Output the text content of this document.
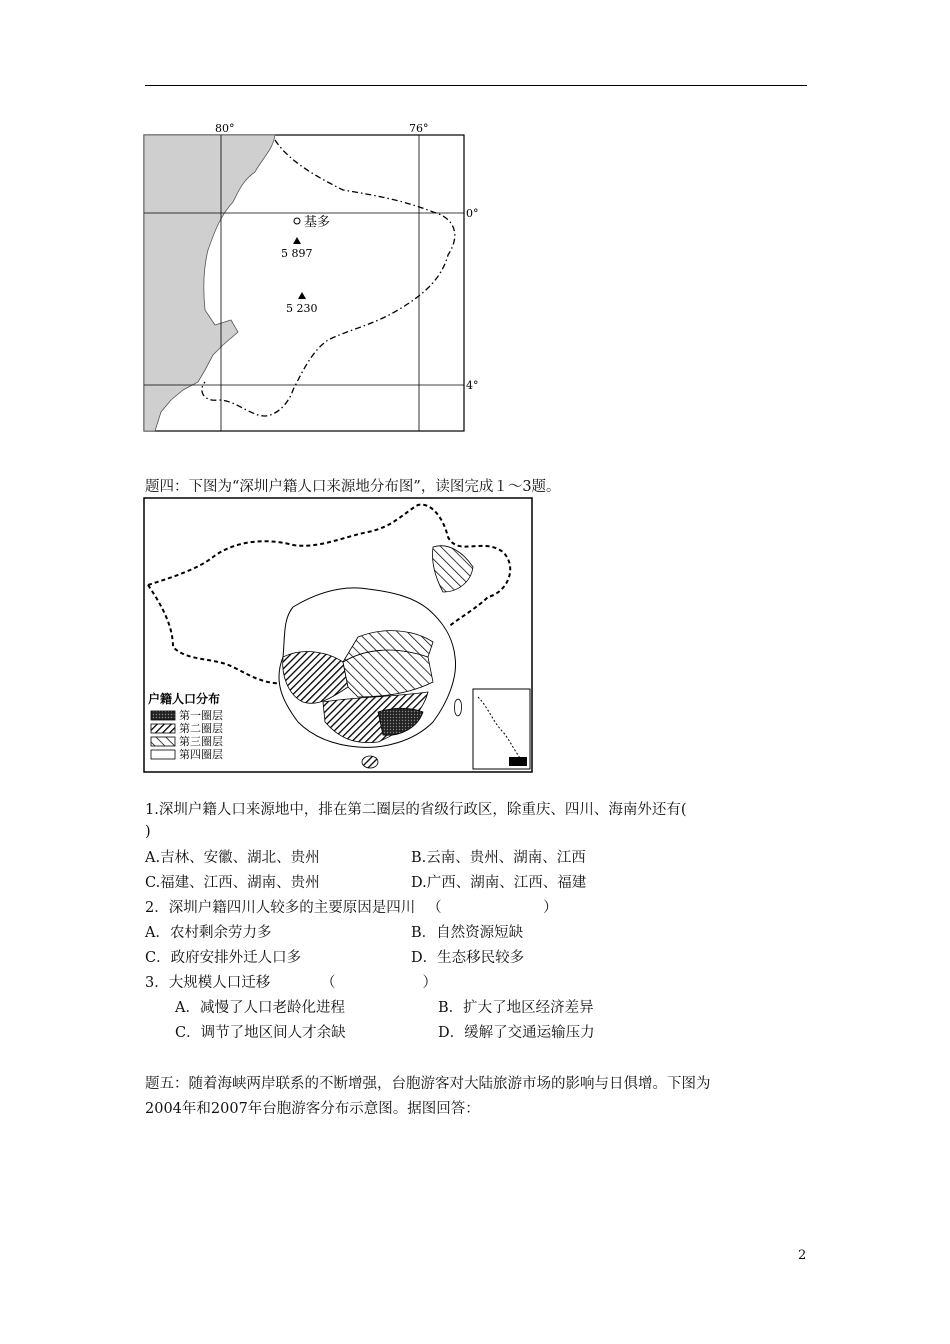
80°	76°
0°
4°
基多
5 897
5 230
题四：下图为“深圳户籍人口来源地分布图”，读图完成１～3题。
户籍人口分布
第一圈层
第二圈层
第三圈层
第四圈层
1.深圳户籍人口来源地中，排在第二圈层的省级行政区，除重庆、四川、海南外还有(
)
A.吉林、安徽、湖北、贵州	B.云南、贵州、湖南、江西
C.福建、江西、湖南、贵州	D.广西、湖南、江西、福建
2．深圳户籍四川人较多的主要原因是四川 　（　　　　　　　）
A．农村剩余劳力多	B．自然资源短缺
C．政府安排外迁人口多	D．生态移民较多
3．大规模人口迁移　　　　（　　　　　　）
A．减慢了人口老龄化进程	B．扩大了地区经济差异
C．调节了地区间人才余缺	D．缓解了交通运输压力
题五：随着海峡两岸联系的不断增强，台胞游客对大陆旅游市场的影响与日俱增。下图为
2004年和2007年台胞游客分布示意图。据图回答：
2
